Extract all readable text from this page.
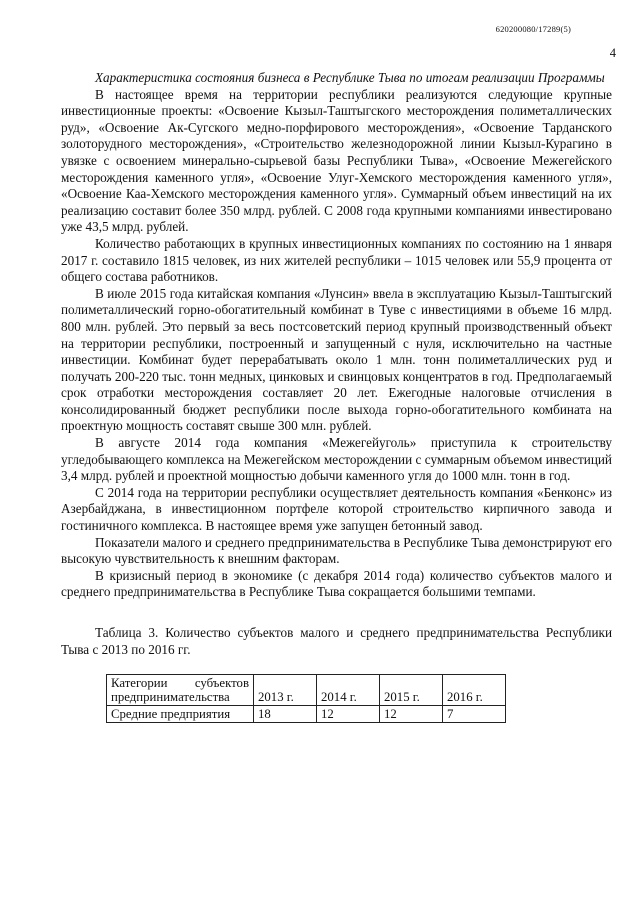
620200080/17289(5)
4

Характеристика состояния бизнеса в Республике Тыва по итогам реализации Программы

В настоящее время на территории республики реализуются следующие крупные инвестиционные проекты: «Освоение Кызыл-Таштыгского месторождения полиметаллических руд», «Освоение Ак-Сугского медно-порфирового месторождения», «Освоение Тарданского золоторудного месторождения», «Строительство железнодорожной линии Кызыл-Курагино в увязке с освоением минерально-сырьевой базы Республики Тыва», «Освоение Межегейского месторождения каменного угля», «Освоение Улуг-Хемского месторождения каменного угля», «Освоение Каа-Хемского месторождения каменного угля». Суммарный объем инвестиций на их реализацию составит более 350 млрд. рублей. С 2008 года крупными компаниями инвестировано уже 43,5 млрд. рублей.

Количество работающих в крупных инвестиционных компаниях по состоянию на 1 января 2017 г. составило 1815 человек, из них жителей республики – 1015 человек или 55,9 процента от общего состава работников.

В июле 2015 года китайская компания «Лунсин» ввела в эксплуатацию Кызыл-Таштыгский полиметаллический горно-обогатительный комбинат в Туве с инвестициями в объеме 16 млрд. 800 млн. рублей. Это первый за весь постсоветский период крупный производственный объект на территории республики, построенный и запущенный с нуля, исключительно на частные инвестиции. Комбинат будет перерабатывать около 1 млн. тонн полиметаллических руд и получать 200-220 тыс. тонн медных, цинковых и свинцовых концентратов в год. Предполагаемый срок отработки месторождения составляет 20 лет. Ежегодные налоговые отчисления в консолидированный бюджет республики после выхода горно-обогатительного комбината на проектную мощность составят свыше 300 млн. рублей.

В августе 2014 года компания «Межегейуголь» приступила к строительству угледобывающего комплекса на Межегейском месторождении с суммарным объемом инвестиций 3,4 млрд. рублей и проектной мощностью добычи каменного угля до 1000 млн. тонн в год.

С 2014 года на территории республики осуществляет деятельность компания «Бенконс» из Азербайджана, в инвестиционном портфеле которой строительство кирпичного завода и гостиничного комплекса. В настоящее время уже запущен бетонный завод.

Показатели малого и среднего предпринимательства в Республике Тыва демонстрируют его высокую чувствительность к внешним факторам.

В кризисный период в экономике (с декабря 2014 года) количество субъектов малого и среднего предпринимательства в Республике Тыва сокращается большими темпами.

Таблица 3. Количество субъектов малого и среднего предпринимательства Республики Тыва с 2013 по 2016 гг.

Категории субъектов предпринимательства	2013 г.	2014 г.	2015 г.	2016 г.
Средние предприятия	18	12	12	7
